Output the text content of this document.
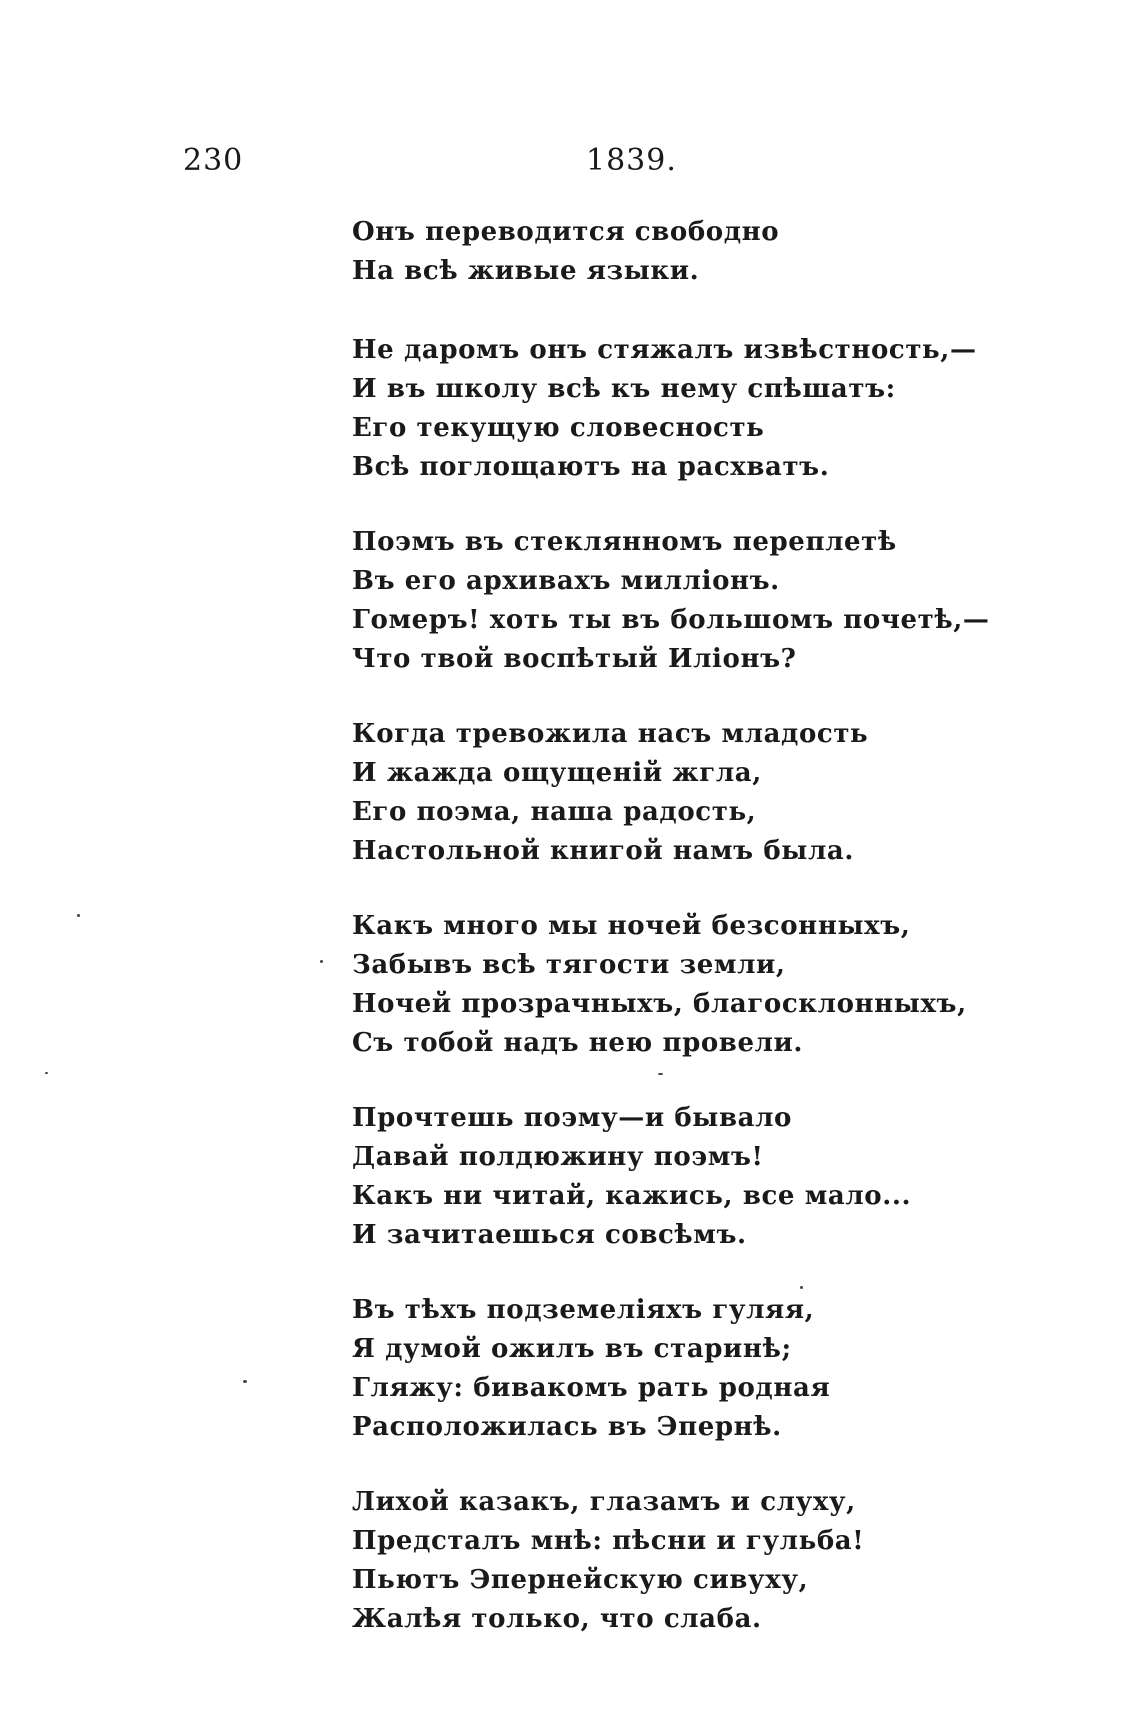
230	1839.
Онъ переводится свободно
На всѣ живые языки.
Не даромъ онъ стяжалъ извѣстность,—
И въ школу всѣ къ нему спѣшатъ:
Его текущую словесность
Всѣ поглощаютъ на расхватъ.
Поэмъ въ стеклянномъ переплетѣ
Въ его архивахъ милліонъ.
Гомеръ! хоть ты въ большомъ почетѣ,—
Что твой воспѣтый Иліонъ?
Когда тревожила насъ младость
И жажда ощущеній жгла,
Его поэма, наша радость,
Настольной книгой намъ была.
Какъ много мы ночей безсонныхъ,
Забывъ всѣ тягости земли,
Ночей прозрачныхъ, благосклонныхъ,
Съ тобой надъ нею провели.
Прочтешь поэму—и бывало
Давай полдюжину поэмъ!
Какъ ни читай, кажись, все мало...
И зачитаешься совсѣмъ.
Въ тѣхъ подземеліяхъ гуляя,
Я думой ожилъ въ старинѣ;
Гляжу: бивакомъ рать родная
Расположилась въ Эпернѣ.
Лихой казакъ, глазамъ и слуху,
Предсталъ мнѣ: пѣсни и гульба!
Пьютъ Эпернейскую сивуху,
Жалѣя только, что слаба.
